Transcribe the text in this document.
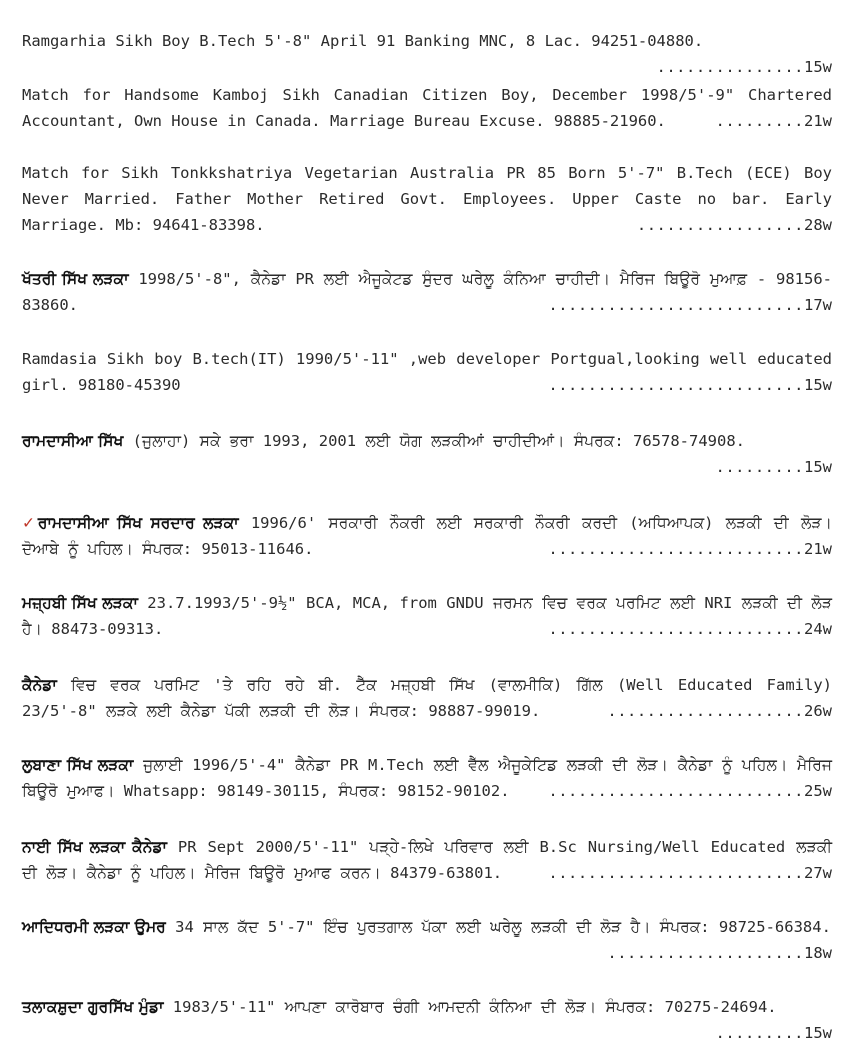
Ramgarhia Sikh Boy B.Tech 5'-8" April 91 Banking MNC, 8 Lac. 94251-04880.
...............15w
Match for Handsome Kamboj Sikh Canadian Citizen Boy, December 1998/5'-9" Chartered Accountant, Own House in Canada. Marriage Bureau Excuse. 98885-21960.	.........21w
Match for Sikh Tonkkshatriya Vegetarian Australia PR 85 Born 5'-7" B.Tech (ECE) Boy Never Married. Father Mother Retired Govt. Employees. Upper Caste no bar. Early Marriage. Mb: 94641-83398.	.................28w
ਖੱਤਰੀ ਸਿੱਖ ਲੜਕਾ 1998/5'-8", ਕੈਨੇਡਾ PR ਲਈ ਐਜੂਕੇਟਡ ਸੁੰਦਰ ਘਰੇਲੂ ਕੰਨਿਆ ਚਾਹੀਦੀ। ਮੈਰਿਜ ਬਿਊਰੋ ਮੁਆਫ਼ - 98156-83860.	..........................17w
Ramdasia Sikh boy B.tech(IT) 1990/5'-11" ,web developer Portgual,looking well educated girl. 98180-45390	..........................15w
ਰਾਮਦਾਸੀਆ ਸਿੱਖ (ਜੁਲਾਹਾ) ਸਕੇ ਭਰਾ 1993, 2001 ਲਈ ਯੋਗ ਲੜਕੀਆਂ ਚਾਹੀਦੀਆਂ। ਸੰਪਰਕ: 76578-74908.
.........15w
✓ਰਾਮਦਾਸੀਆ ਸਿੱਖ ਸਰਦਾਰ ਲੜਕਾ 1996/6' ਸਰਕਾਰੀ ਨੌਕਰੀ ਲਈ ਸਰਕਾਰੀ ਨੌਕਰੀ ਕਰਦੀ (ਅਧਿਆਪਕ) ਲੜਕੀ ਦੀ ਲੋੜ। ਦੋਆਬੇ ਨੂੰ ਪਹਿਲ। ਸੰਪਰਕ: 95013-11646.	..........................21w
ਮਜ਼੍ਹਬੀ ਸਿੱਖ ਲੜਕਾ 23.7.1993/5'-9½" BCA, MCA, from GNDU ਜਰਮਨ ਵਿਚ ਵਰਕ ਪਰਮਿਟ ਲਈ NRI ਲੜਕੀ ਦੀ ਲੋੜ ਹੈ। 88473-09313.	..........................24w
ਕੈਨੇਡਾ ਵਿਚ ਵਰਕ ਪਰਮਿਟ 'ਤੇ ਰਹਿ ਰਹੇ ਬੀ. ਟੈੱਕ ਮਜ਼੍ਹਬੀ ਸਿੱਖ (ਵਾਲਮੀਕਿ) ਗਿੱਲ (Well Educated Family) 23/5'-8" ਲੜਕੇ ਲਈ ਕੈਨੇਡਾ ਪੱਕੀ ਲੜਕੀ ਦੀ ਲੋੜ। ਸੰਪਰਕ: 98887-99019.	....................26w
ਲੁਬਾਣਾ ਸਿੱਖ ਲੜਕਾ ਜੁਲਾਈ 1996/5'-4" ਕੈਨੇਡਾ PR M.Tech ਲਈ ਵੈੱਲ ਐਜੂਕੇਟਿਡ ਲੜਕੀ ਦੀ ਲੋੜ। ਕੈਨੇਡਾ ਨੂੰ ਪਹਿਲ। ਮੈਰਿਜ ਬਿਊਰੋ ਮੁਆਫ। Whatsapp: 98149-30115, ਸੰਪਰਕ: 98152-90102.	..........................25w
ਨਾਈ ਸਿੱਖ ਲੜਕਾ ਕੈਨੇਡਾ PR Sept 2000/5'-11" ਪੜ੍ਹੇ-ਲਿਖੇ ਪਰਿਵਾਰ ਲਈ B.Sc Nursing/Well Educated ਲੜਕੀ ਦੀ ਲੋੜ। ਕੈਨੇਡਾ ਨੂੰ ਪਹਿਲ। ਮੈਰਿਜ ਬਿਊਰੋ ਮੁਆਫ ਕਰਨ। 84379-63801.	..........................27w
ਆਦਿਧਰਮੀ ਲੜਕਾ ਉਮਰ 34 ਸਾਲ ਕੱਦ 5'-7" ਇੰਚ ਪੁਰਤਗਾਲ ਪੱਕਾ ਲਈ ਘਰੇਲੂ ਲੜਕੀ ਦੀ ਲੋੜ ਹੈ। ਸੰਪਰਕ: 98725-66384.
....................18w
ਤਲਾਕਸ਼ੁਦਾ ਗੁਰਸਿੱਖ ਮੁੰਡਾ 1983/5'-11" ਆਪਣਾ ਕਾਰੋਬਾਰ ਚੰਗੀ ਆਮਦਨੀ ਕੰਨਿਆ ਦੀ ਲੋੜ। ਸੰਪਰਕ: 70275-24694.
.........15w
